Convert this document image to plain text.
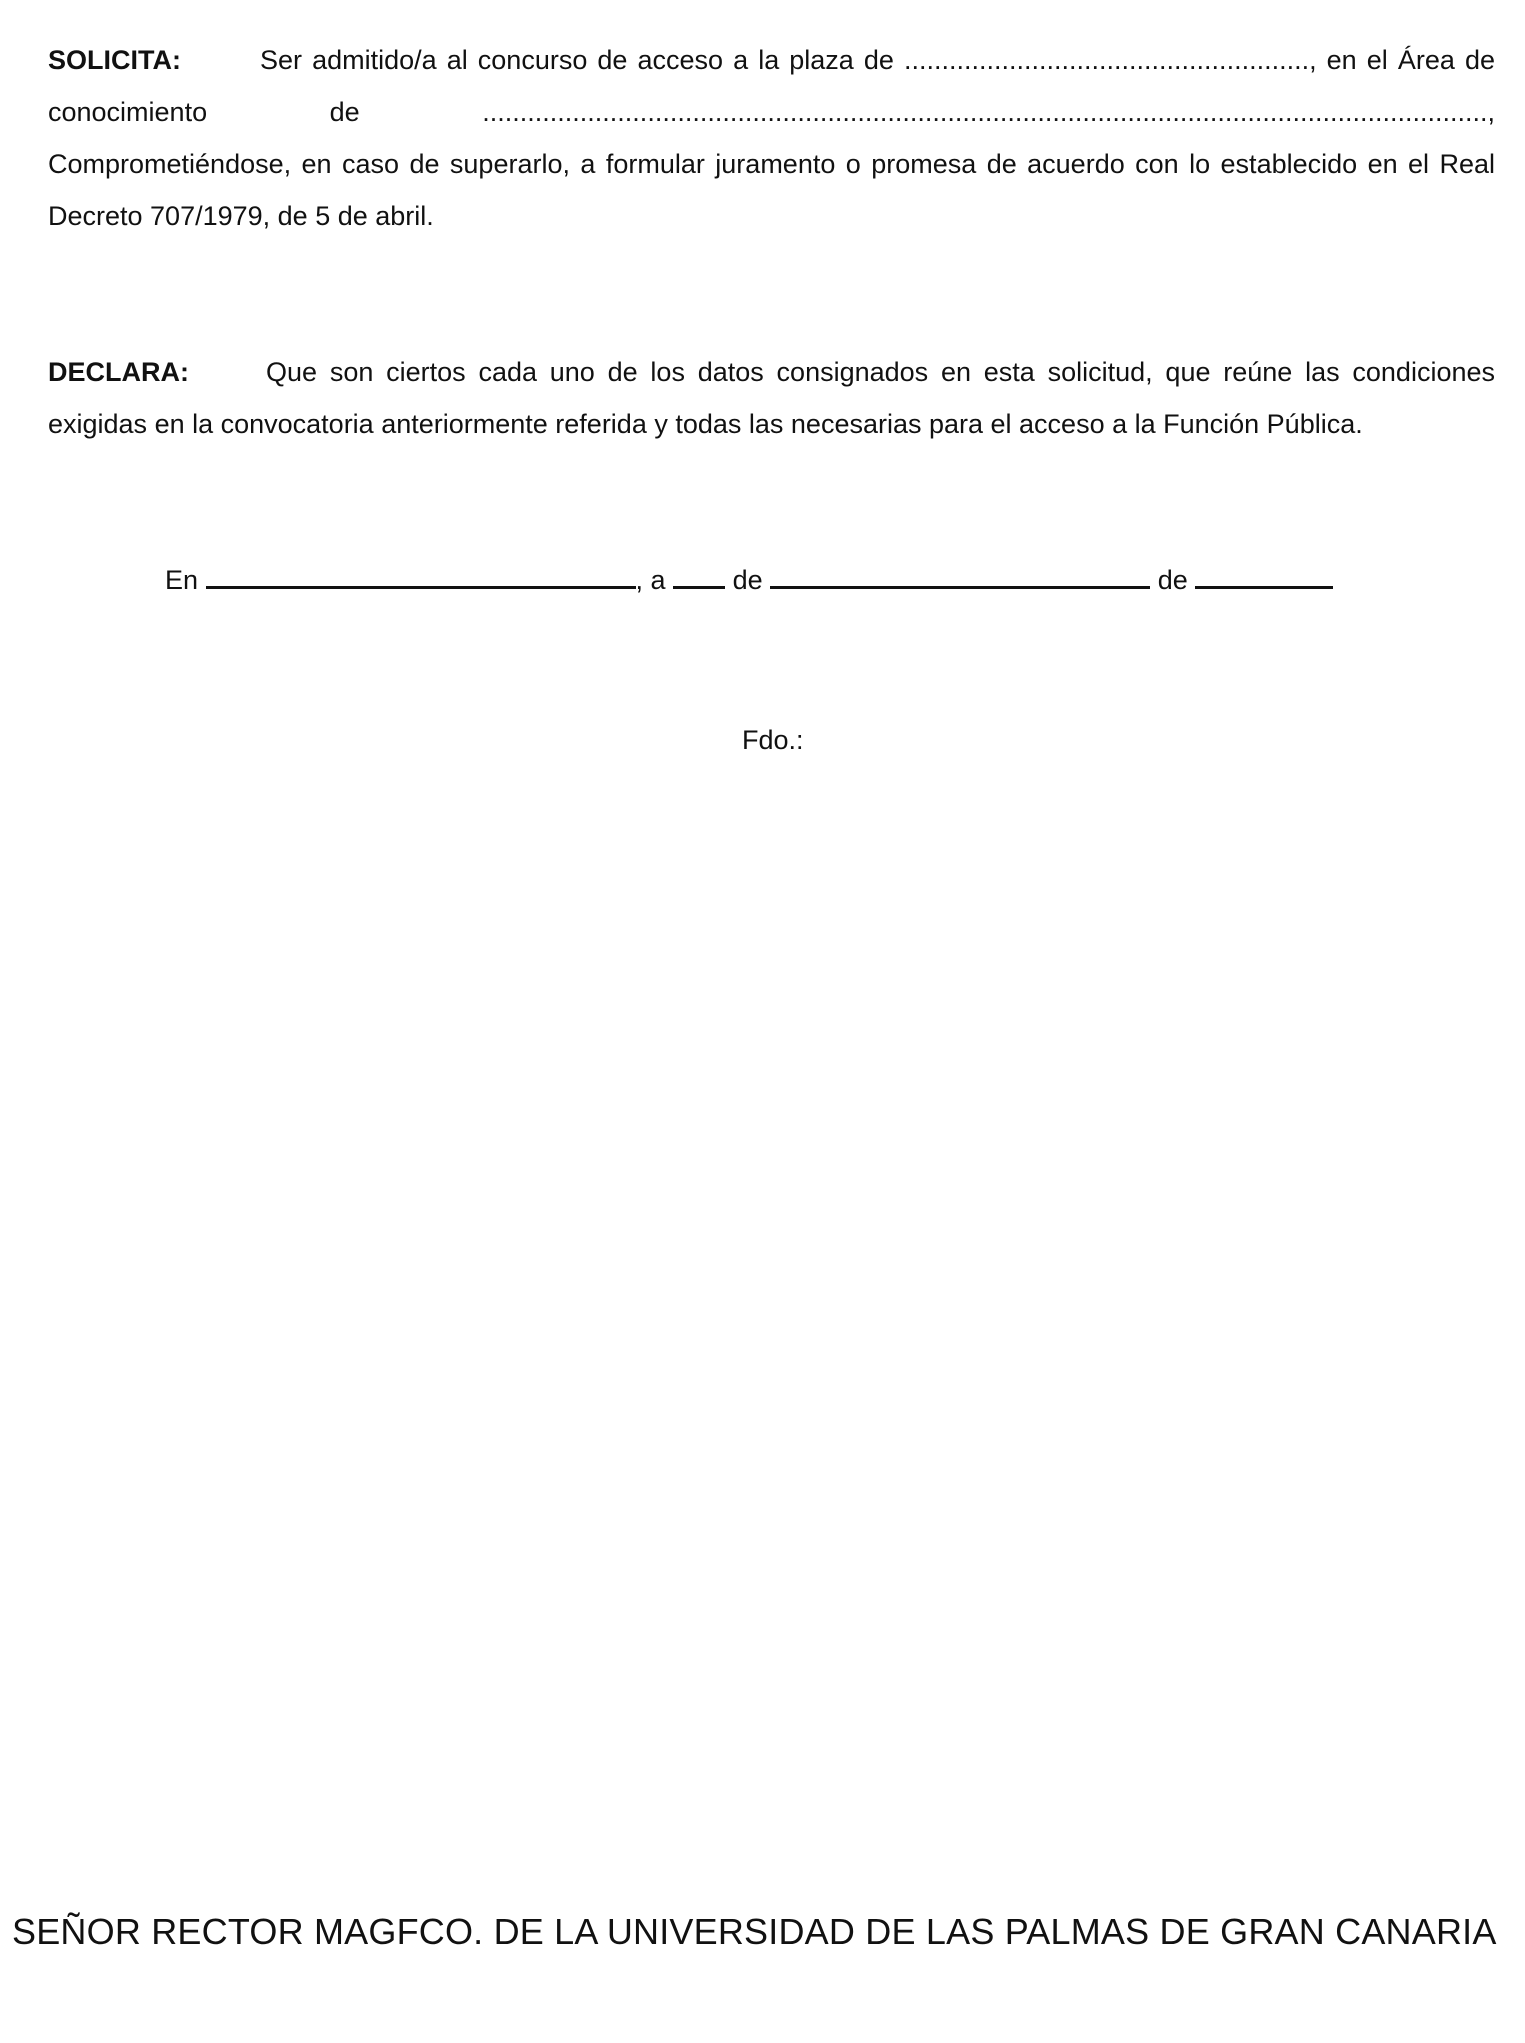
SOLICITA:	Ser admitido/a al concurso de acceso a la plaza de ......................................................, en el Área de conocimiento de ......................................................................................................................................, Comprometiéndose, en caso de superarlo, a formular juramento o promesa de acuerdo con lo establecido en el Real Decreto 707/1979, de 5 de abril.
DECLARA:	Que son ciertos cada uno de los datos consignados en esta solicitud, que reúne las condiciones exigidas en la convocatoria anteriormente referida y todas las necesarias para el acceso a la Función Pública.
En	, a de	de
Fdo.:
SEÑOR RECTOR MAGFCO. DE LA UNIVERSIDAD DE LAS PALMAS DE GRAN CANARIA
